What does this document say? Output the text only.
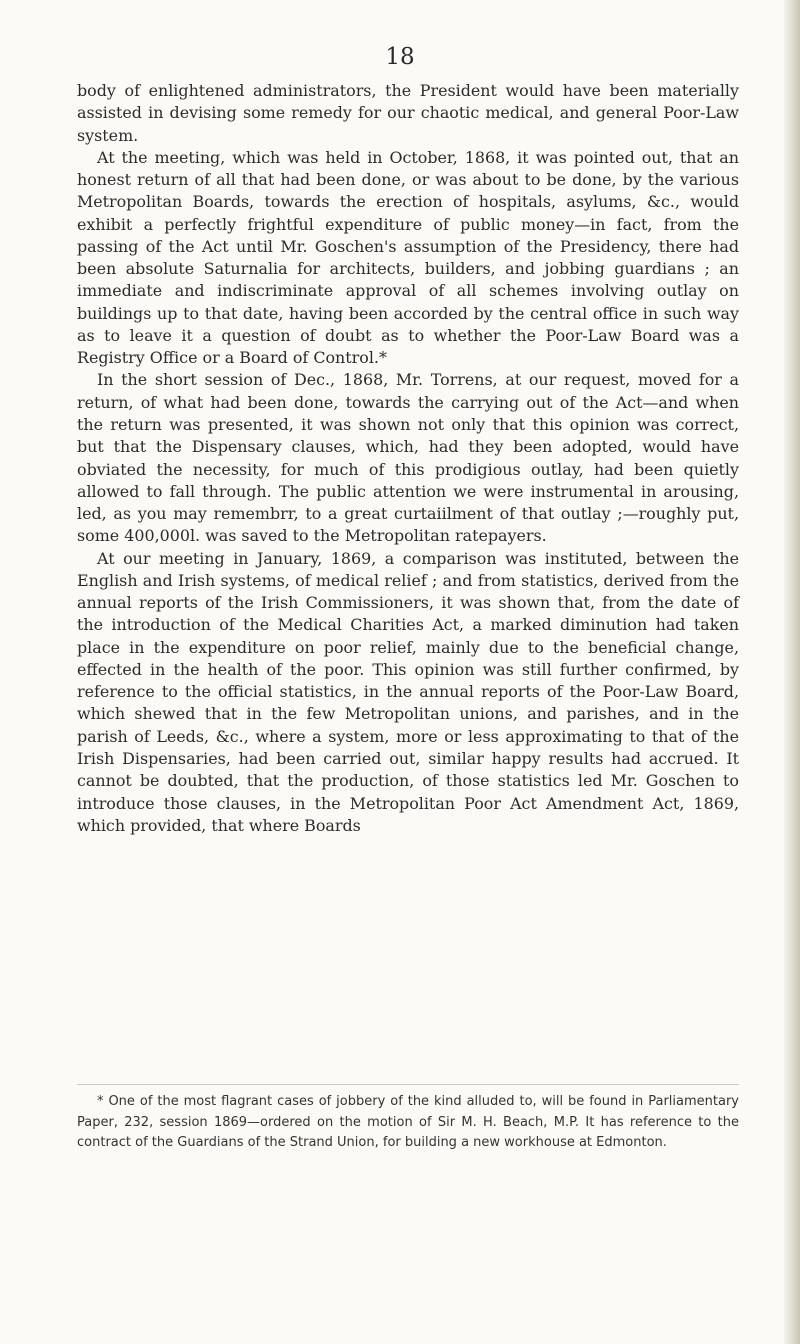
18

body of enlightened administrators, the President would have been materially assisted in devising some remedy for our chaotic medical, and general Poor-Law system.

At the meeting, which was held in October, 1868, it was pointed out, that an honest return of all that had been done, or was about to be done, by the various Metropolitan Boards, towards the erection of hospitals, asylums, &c., would exhibit a perfectly frightful expenditure of public money—in fact, from the passing of the Act until Mr. Goschen's assumption of the Presidency, there had been absolute Saturnalia for architects, builders, and jobbing guardians ; an immediate and indiscriminate approval of all schemes involving outlay on buildings up to that date, having been accorded by the central office in such way as to leave it a question of doubt as to whether the Poor-Law Board was a Registry Office or a Board of Control.*

In the short session of Dec., 1868, Mr. Torrens, at our request, moved for a return, of what had been done, towards the carrying out of the Act—and when the return was presented, it was shown not only that this opinion was correct, but that the Dispensary clauses, which, had they been adopted, would have obviated the necessity, for much of this prodigious outlay, had been quietly allowed to fall through. The public attention we were instrumental in arousing, led, as you may remembrr, to a great curtaiilment of that outlay ;—roughly put, some 400,000l. was saved to the Metropolitan ratepayers.

At our meeting in January, 1869, a comparison was instituted, between the English and Irish systems, of medical relief ; and from statistics, derived from the annual reports of the Irish Commissioners, it was shown that, from the date of the introduction of the Medical Charities Act, a marked diminution had taken place in the expenditure on poor relief, mainly due to the beneficial change, effected in the health of the poor. This opinion was still further confirmed, by reference to the official statistics, in the annual reports of the Poor-Law Board, which shewed that in the few Metropolitan unions, and parishes, and in the parish of Leeds, &c., where a system, more or less approximating to that of the Irish Dispensaries, had been carried out, similar happy results had accrued. It cannot be doubted, that the production, of those statistics led Mr. Goschen to introduce those clauses, in the Metropolitan Poor Act Amendment Act, 1869, which provided, that where Boards

* One of the most flagrant cases of jobbery of the kind alluded to, will be found in Parliamentary Paper, 232, session 1869—ordered on the motion of Sir M. H. Beach, M.P. It has reference to the contract of the Guardians of the Strand Union, for building a new workhouse at Edmonton.
